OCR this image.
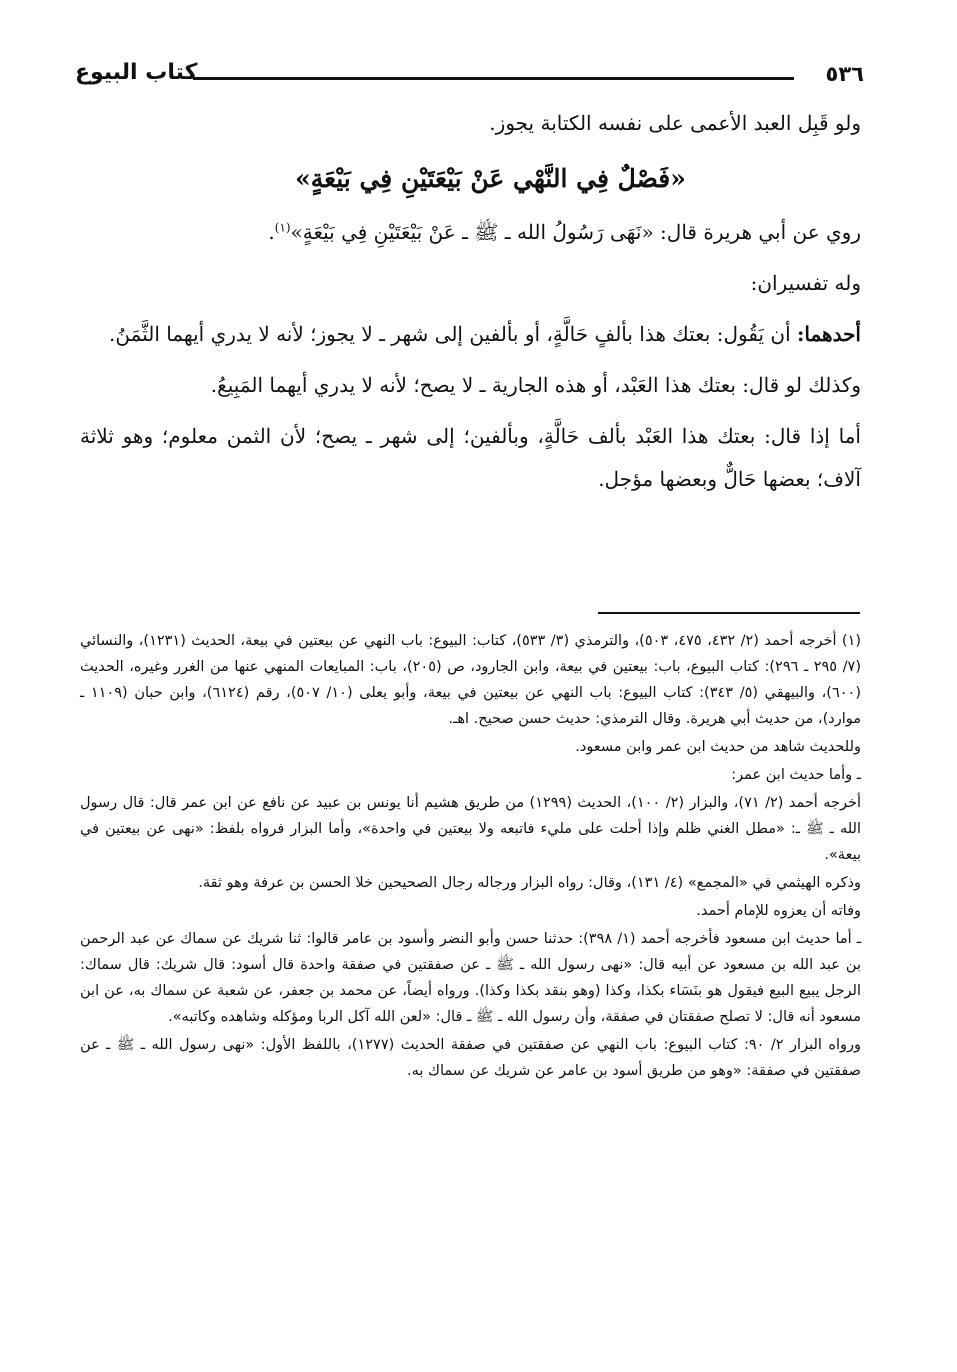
٥٣٦
كتاب البيوع

ولو قَبِل العبد الأعمى على نفسه الكتابة يجوز.

«فَصْلٌ فِي النَّهْي عَنْ بَيْعَتَيْنِ فِي بَيْعَةٍ»

روي عن أبي هريرة قال: «نَهَى رَسُولُ الله ـ ﷺ ـ عَنْ بَيْعَتَيْنِ فِي بَيْعَةٍ»$^{(١)}$.

وله تفسيران:

أحدهما: أن يَقُول: بعتك هذا بألفٍ حَالَّةٍ، أو بألفين إلى شهر ـ لا يجوز؛ لأنه لا يدري أيهما الثَّمَنُ.

وكذلك لو قال: بعتك هذا العَبْد، أو هذه الجارية ـ لا يصح؛ لأنه لا يدري أيهما المَبِيعُ.

أما إذا قال: بعتك هذا العَبْد بألف حَالَّةٍ، وبألفين؛ إلى شهر ـ يصح؛ لأن الثمن معلوم؛ وهو ثلاثة آلاف؛ بعضها حَالٌّ وبعضها مؤجل.

(١) أخرجه أحمد (٢/ ٤٣٢، ٤٧٥، ٥٠٣)، والترمذي (٣/ ٥٣٣)، كتاب: البيوع: باب النهي عن بيعتين في بيعة، الحديث (١٢٣١)، والنسائي (٧/ ٢٩٥ ـ ٢٩٦): كتاب البيوع، باب: بيعتين في بيعة، وابن الجارود، ص (٢٠٥)، باب: المبايعات المنهي عنها من الغرر وغيره، الحديث (٦٠٠)، والبيهقي (٥/ ٣٤٣): كتاب البيوع: باب النهي عن بيعتين في بيعة، وأبو يعلى (١٠/ ٥٠٧)، رقم (٦١٢٤)، وابن حبان (١١٠٩ ـ موارد)، من حديث أبي هريرة. وقال الترمذي: حديث حسن صحيح. اهـ.

وللحديث شاهد من حديث ابن عمر وابن مسعود.

ـ وأما حديث ابن عمر:

أخرجه أحمد (٢/ ٧١)، والبزار (٢/ ١٠٠)، الحديث (١٢٩٩) من طريق هشيم أنا يونس بن عبيد عن نافع عن ابن عمر قال: قال رسول الله ـ ﷺ ـ: «مطل الغني ظلم وإذا أحلت على مليء فاتبعه ولا بيعتين في واحدة»، وأما البزار فرواه بلفظ: «نهى عن بيعتين في بيعة».

وذكره الهيثمي في «المجمع» (٤/ ١٣١)، وقال: رواه البزار ورجاله رجال الصحيحين خلا الحسن بن عرفة وهو ثقة.

وفاته أن يعزوه للإمام أحمد.

ـ أما حديث ابن مسعود فأخرجه أحمد (١/ ٣٩٨): حدثنا حسن وأبو النضر وأسود بن عامر قالوا: ثنا شريك عن سماك عن عبد الرحمن بن عبد الله بن مسعود عن أبيه قال: «نهى رسول الله ـ ﷺ ـ عن صفقتين في صفقة واحدة قال أسود: قال شريك: قال سماك: الرجل يبيع البيع فيقول هو بنَسَاء بكذا، وكذا (وهو بنقد بكذا وكذا). ورواه أيضاً، عن محمد بن جعفر، عن شعبة عن سماك به، عن ابن مسعود أنه قال: لا تصلح صفقتان في صفقة، وأن رسول الله ـ ﷺ ـ قال: «لعن الله آكل الربا ومؤكله وشاهده وكاتبه».

ورواه البزار ٢/ ٩٠: كتاب البيوع: باب النهي عن صفقتين في صفقة الحديث (١٢٧٧)، باللفظ الأول: «نهى رسول الله ـ ﷺ ـ عن صفقتين في صفقة: «وهو من طريق أسود بن عامر عن شريك عن سماك به.
